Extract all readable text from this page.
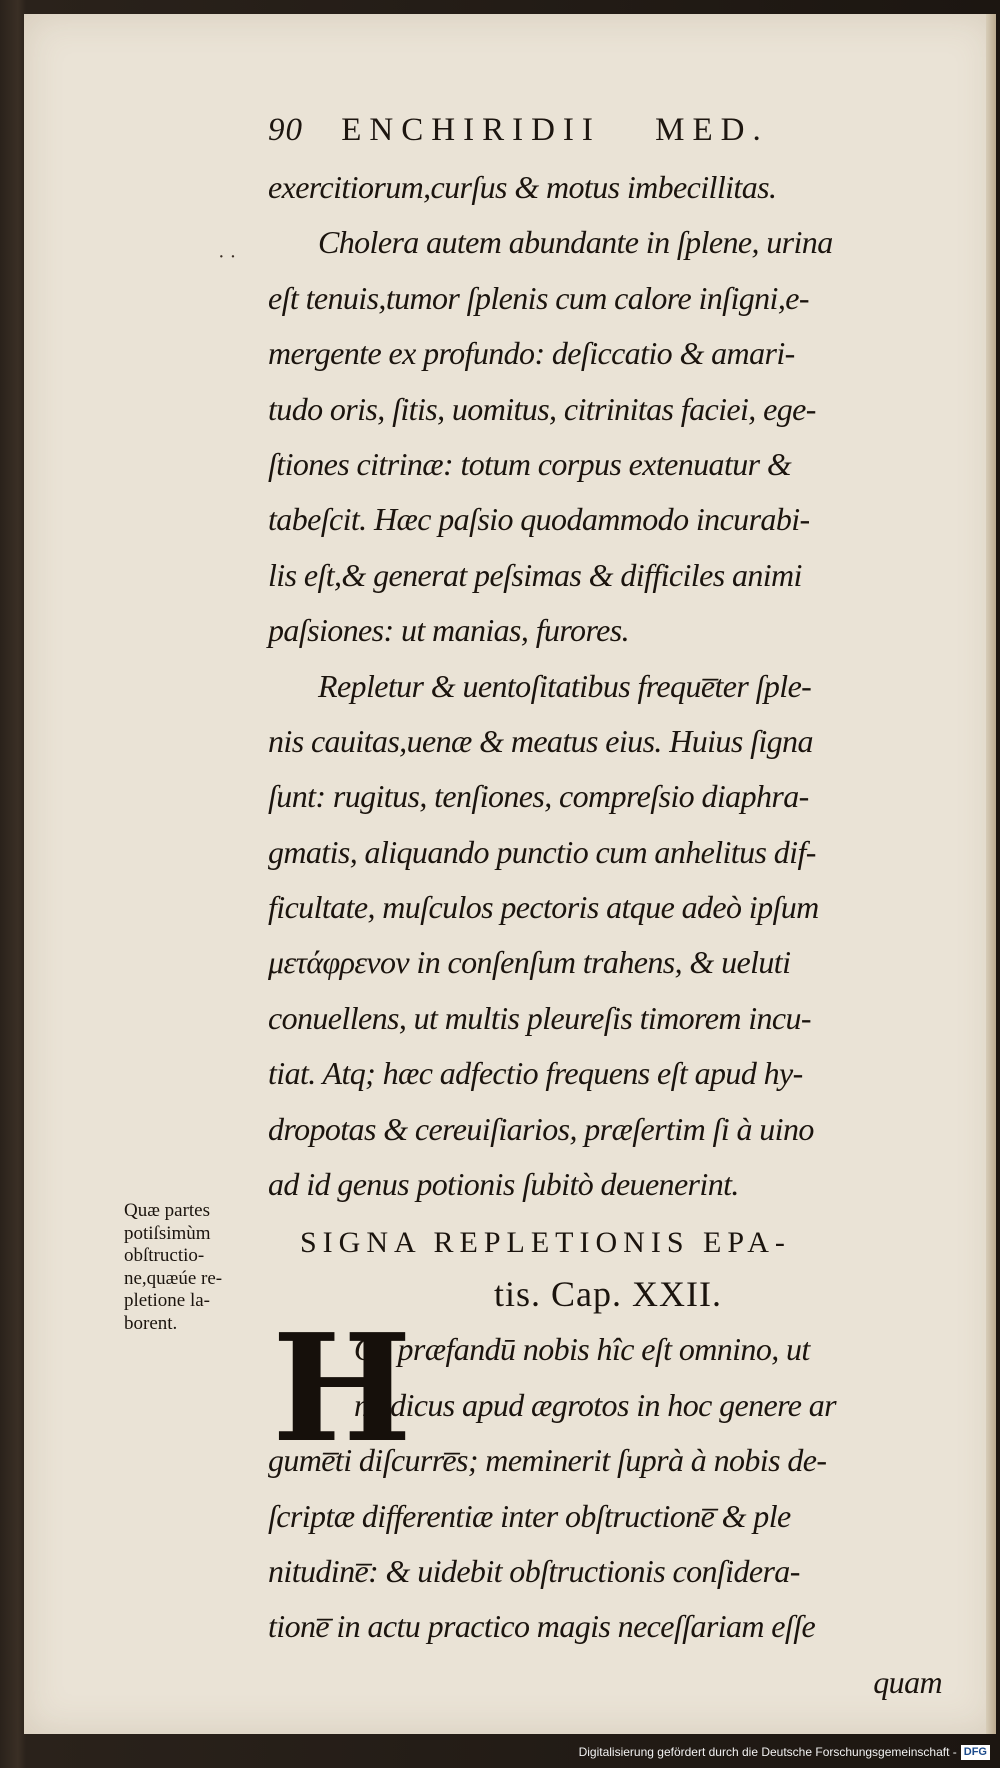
90 ENCHIRIDII MED.
· ·
exercitiorum,curſus & motus imbecillitas.
Cholera autem abundante in ſplene, urina
eſt tenuis,tumor ſplenis cum calore inſigni,e-
mergente ex profundo: deſiccatio & amari-
tudo oris, ſitis, uomitus, citrinitas faciei, ege-
ſtiones citrinæ: totum corpus extenuatur &
tabeſcit. Hæc paſsio quodammodo incurabi-
lis eſt,& generat peſsimas & difficiles animi
paſsiones: ut manias, furores.
Repletur & uentoſitatibus freque̅ter ſple-
nis cauitas,uenæ & meatus eius. Huius ſigna
ſunt: rugitus, tenſiones, compreſsio diaphra-
gmatis, aliquando punctio cum anhelitus dif-
ficultate, muſculos pectoris atque adeò ipſum
μετάφρενον in conſenſum trahens, & ueluti
conuellens, ut multis pleureſis timorem incu-
tiat. Atq; hæc adfectio frequens eſt apud hy-
dropotas & cereuiſiarios, præſertim ſi à uino
ad id genus potionis ſubitò deuenerint.
SIGNA REPLETIONIS EPA-
tis. Cap. XXII.
H
Oc præfandū nobis hîc eſt omnino, ut
medicus apud ægrotos in hoc genere ar
gume̅ti diſcurre̅s; meminerit ſuprà à nobis de-
ſcriptæ differentiæ inter obſtructione̅ & ple
nitudine̅: & uidebit obſtructionis conſidera-
tione̅ in actu practico magis neceſſariam eſſe
quam
Quæ partes
potiſsimùm
obſtructio-
ne,quæúe re-
pletione la-
borent.
Digitalisierung gefördert durch die Deutsche Forschungsgemeinschaft - DFG
